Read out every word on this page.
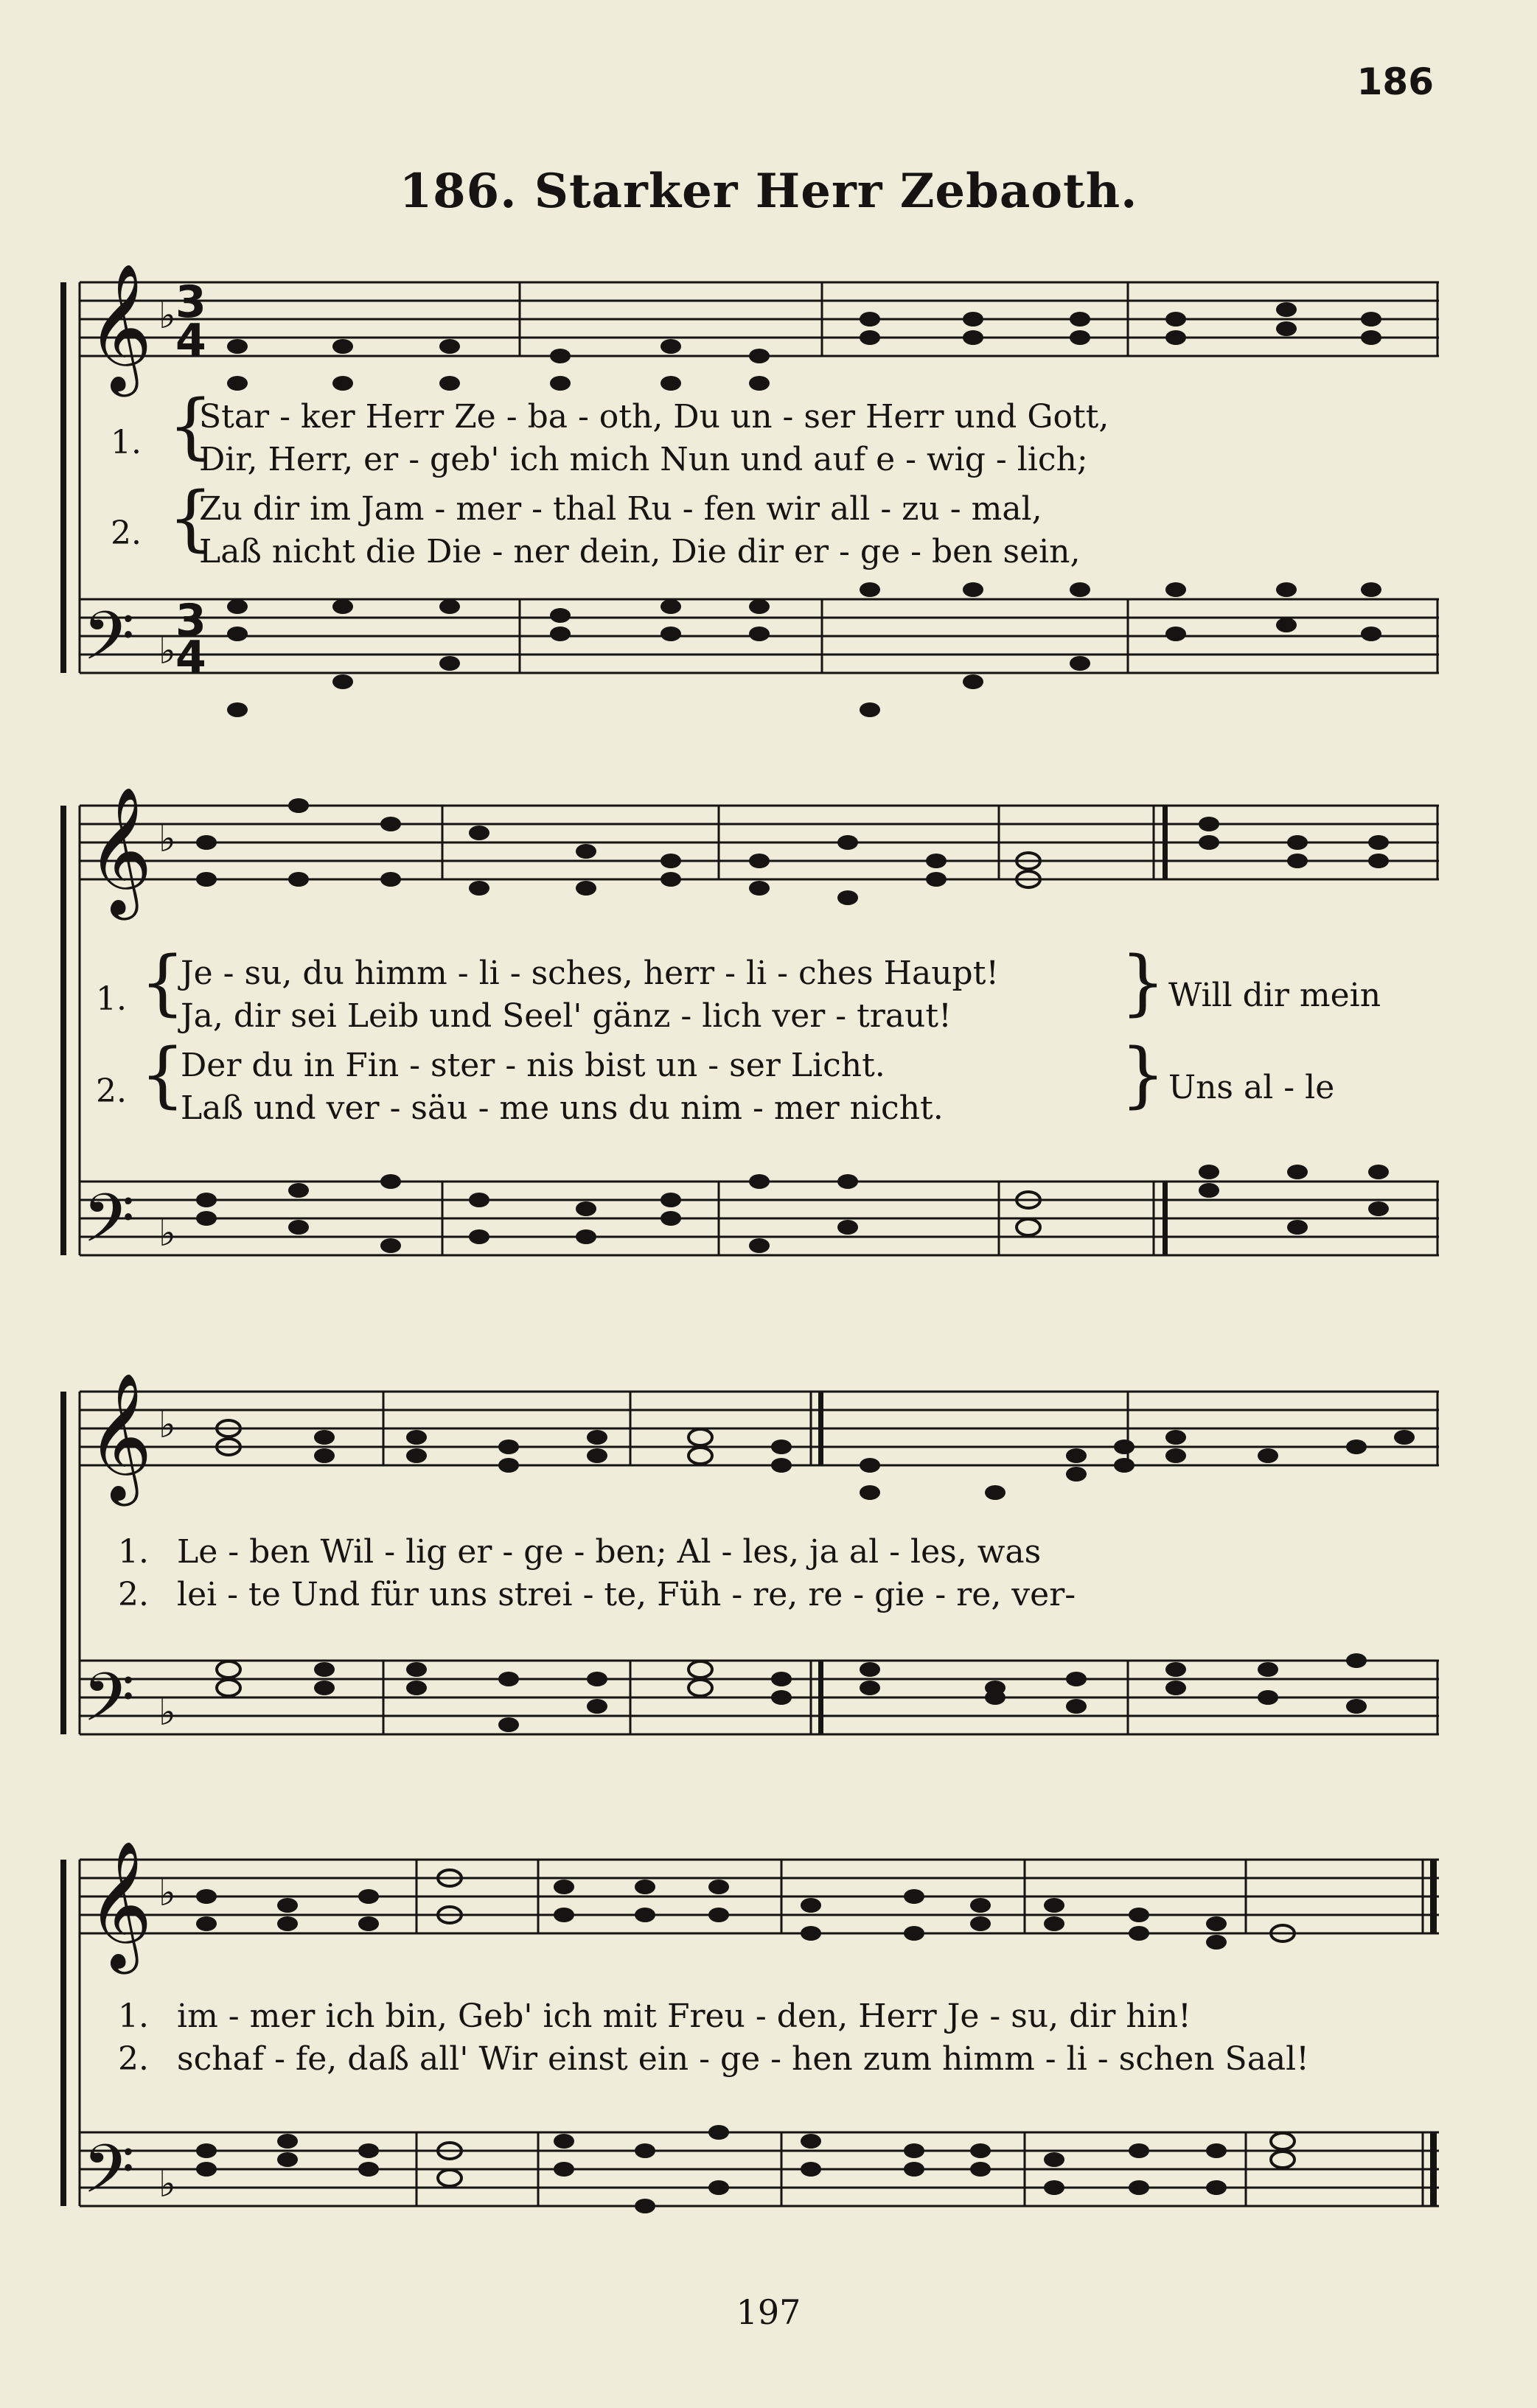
186
186. Starker Herr Zebaoth.
𝄞
𝄢
♭
♭
3
4
3
4
1. {
Star - ker Herr Ze - ba - oth, Du un - ser Herr und Gott,
Dir, Herr, er - geb' ich mich Nun und auf e - wig - lich;
2. {
Zu dir im Jam - mer - thal Ru - fen wir all - zu - mal,
Laß nicht die Die - ner dein, Die dir er - ge - ben sein,
𝄞
𝄢
♭
♭
1. {
Je - su, du himm - li - sches, herr - li - ches Haupt!
Ja, dir sei Leib und Seel' gänz - lich ver - traut! } Will dir mein
2. {
Der du in Fin - ster - nis bist un - ser Licht.
Laß und ver - säu - me uns du nim - mer nicht.	} Uns al - le
𝄞
𝄢
♭
♭
1. Le - ben Wil - lig er - ge - ben; Al - les, ja al - les, was
2. lei - te Und für uns strei - te, Füh - re, re - gie - re, ver-
𝄞
𝄢
♭
♭
1. im - mer ich bin, Geb' ich mit Freu - den, Herr Je - su, dir hin!
2. schaf - fe, daß all' Wir einst ein - ge - hen zum himm - li - schen Saal!
197
